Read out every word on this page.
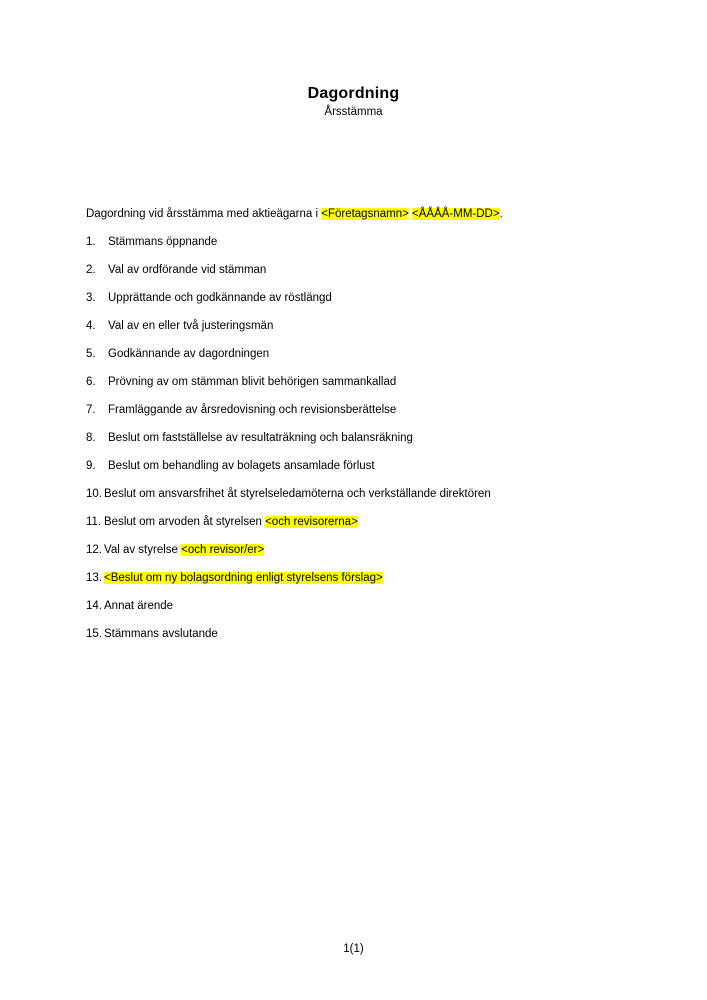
Dagordning
Årsstämma
Dagordning vid årsstämma med aktieägarna i <Företagsnamn> <ÅÅÅÅ-MM-DD>.
1.	Stämmans öppnande
2.	Val av ordförande vid stämman
3.	Upprättande och godkännande av röstlängd
4.	Val av en eller två justeringsmän
5.	Godkännande av dagordningen
6.	Prövning av om stämman blivit behörigen sammankallad
7.	Framläggande av årsredovisning och revisionsberättelse
8.	Beslut om fastställelse av resultaträkning och balansräkning
9.	Beslut om behandling av bolagets ansamlade förlust
10. Beslut om ansvarsfrihet åt styrelseledamöterna och verkställande direktören
11. Beslut om arvoden åt styrelsen <och revisorerna>
12. Val av styrelse <och revisor/er>
13. <Beslut om ny bolagsordning enligt styrelsens förslag>
14. Annat ärende
15. Stämmans avslutande
1(1)
